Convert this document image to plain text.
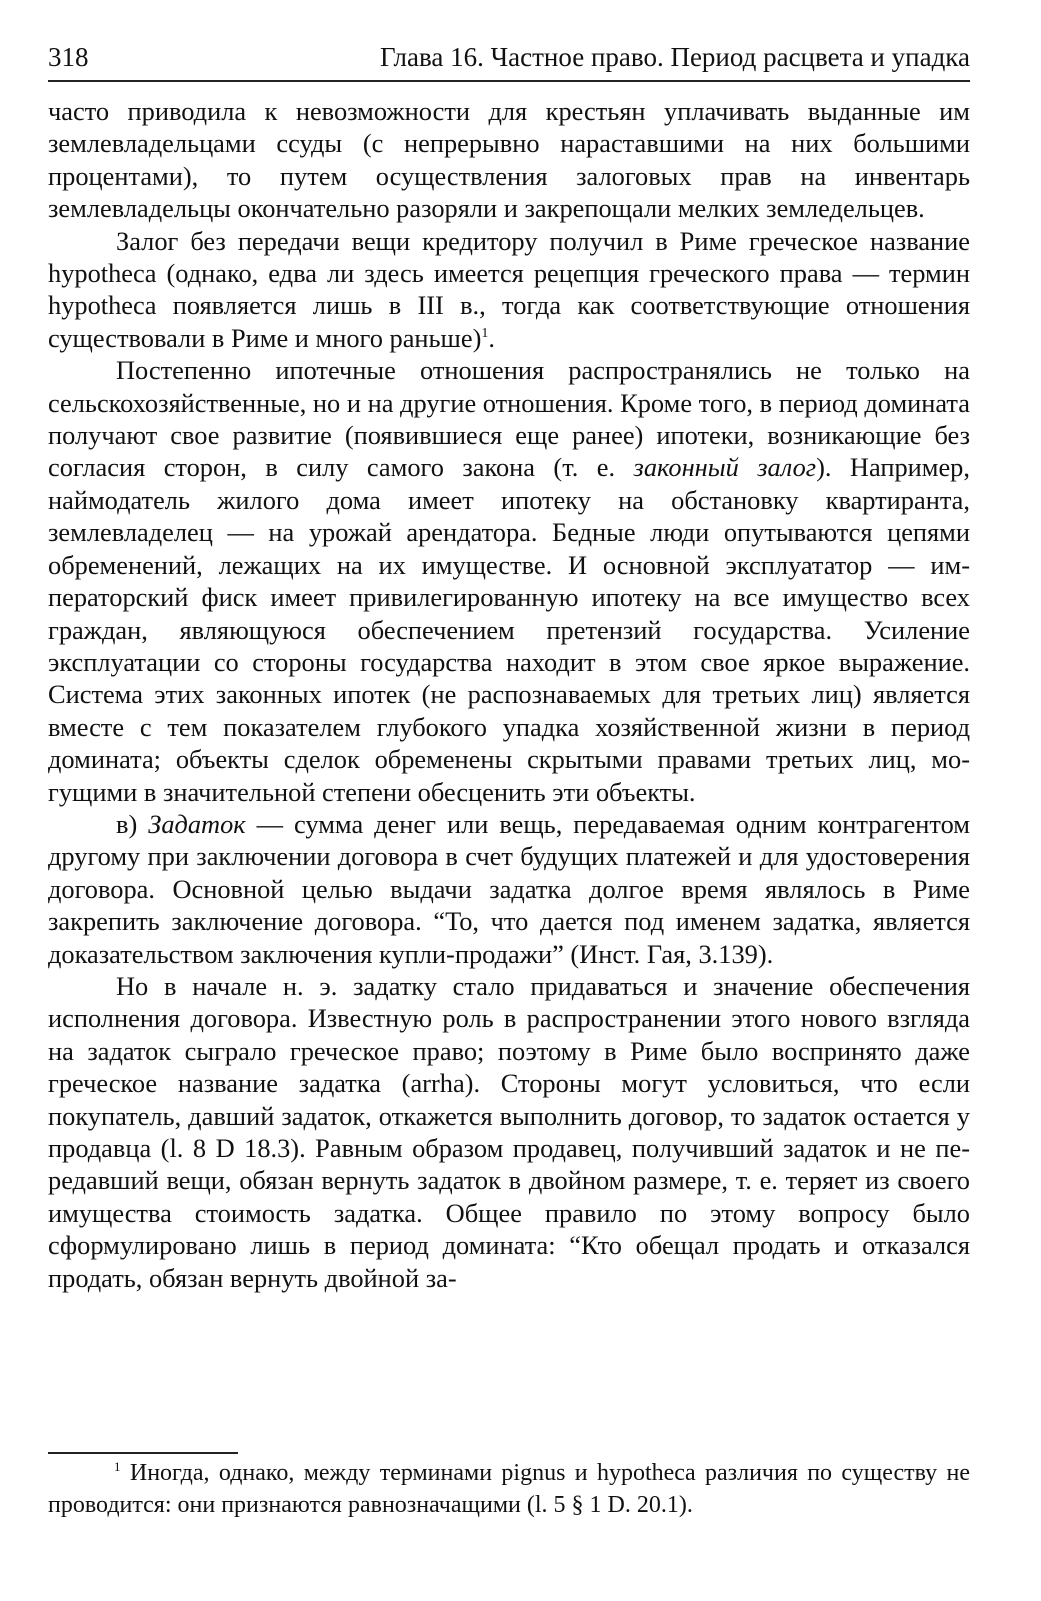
318	Глава 16. Частное право. Период расцвета и упадка

часто приводила к невозможности для крестьян уплачивать выданные им землевладельцами ссуды (с непрерывно нараставшими на них большими процентами), то путем осуществления залоговых прав на инвентарь землевладельцы окончательно разоряли и закрепощали мелких земледельцев.

Залог без передачи вещи кредитору получил в Риме греческое название hypotheca (однако, едва ли здесь имеется рецепция греческого права — термин hypotheca появляется лишь в III в., тогда как соответствующие отношения существовали в Риме и много раньше)$^1$.

Постепенно ипотечные отношения распространялись не только на сельскохозяйственные, но и на другие отношения. Кроме того, в период домината получают свое развитие (появившиеся еще ранее) ипотеки, возникающие без согласия сторон, в силу самого закона (т. е. законный залог). Например, наймодатель жилого дома имеет ипотеку на обстановку квартиранта, землевладелец — на урожай арендатора. Бедные люди опутываются цепями обременений, лежащих на их имуществе. И основной эксплуататор — императорский фиск имеет привилегированную ипотеку на все имущество всех граждан, являющуюся обеспечением претензий государства. Усиление эксплуатации со стороны государства находит в этом свое яркое выражение. Система этих законных ипотек (не распознаваемых для третьих лиц) является вместе с тем показателем глубокого упадка хозяйственной жизни в период домината; объекты сделок обременены скрытыми правами третьих лиц, могущими в значительной степени обесценить эти объекты.

в) Задаток — сумма денег или вещь, передаваемая одним контрагентом другому при заключении договора в счет будущих платежей и для удостоверения договора. Основной целью выдачи задатка долгое время являлось в Риме закрепить заключение договора. “То, что дается под именем задатка, является доказательством заключения купли-продажи” (Инст. Гая, 3.139).

Но в начале н. э. задатку стало придаваться и значение обеспечения исполнения договора. Известную роль в распространении этого нового взгляда на задаток сыграло греческое право; поэтому в Риме было воспринято даже греческое название задатка (arrha). Стороны могут условиться, что если покупатель, давший задаток, откажется выполнить договор, то задаток остается у продавца (l. 8 D 18.3). Равным образом продавец, получивший задаток и не передавший вещи, обязан вернуть задаток в двойном размере, т. е. теряет из своего имущества стоимость задатка. Общее правило по этому вопросу было сформулировано лишь в период домината: “Кто обещал продать и отказался продать, обязан вернуть двойной за-

$^1$ Иногда, однако, между терминами pignus и hypotheca различия по существу не проводится: они признаются равнозначащими (l. 5 § 1 D. 20.1).
